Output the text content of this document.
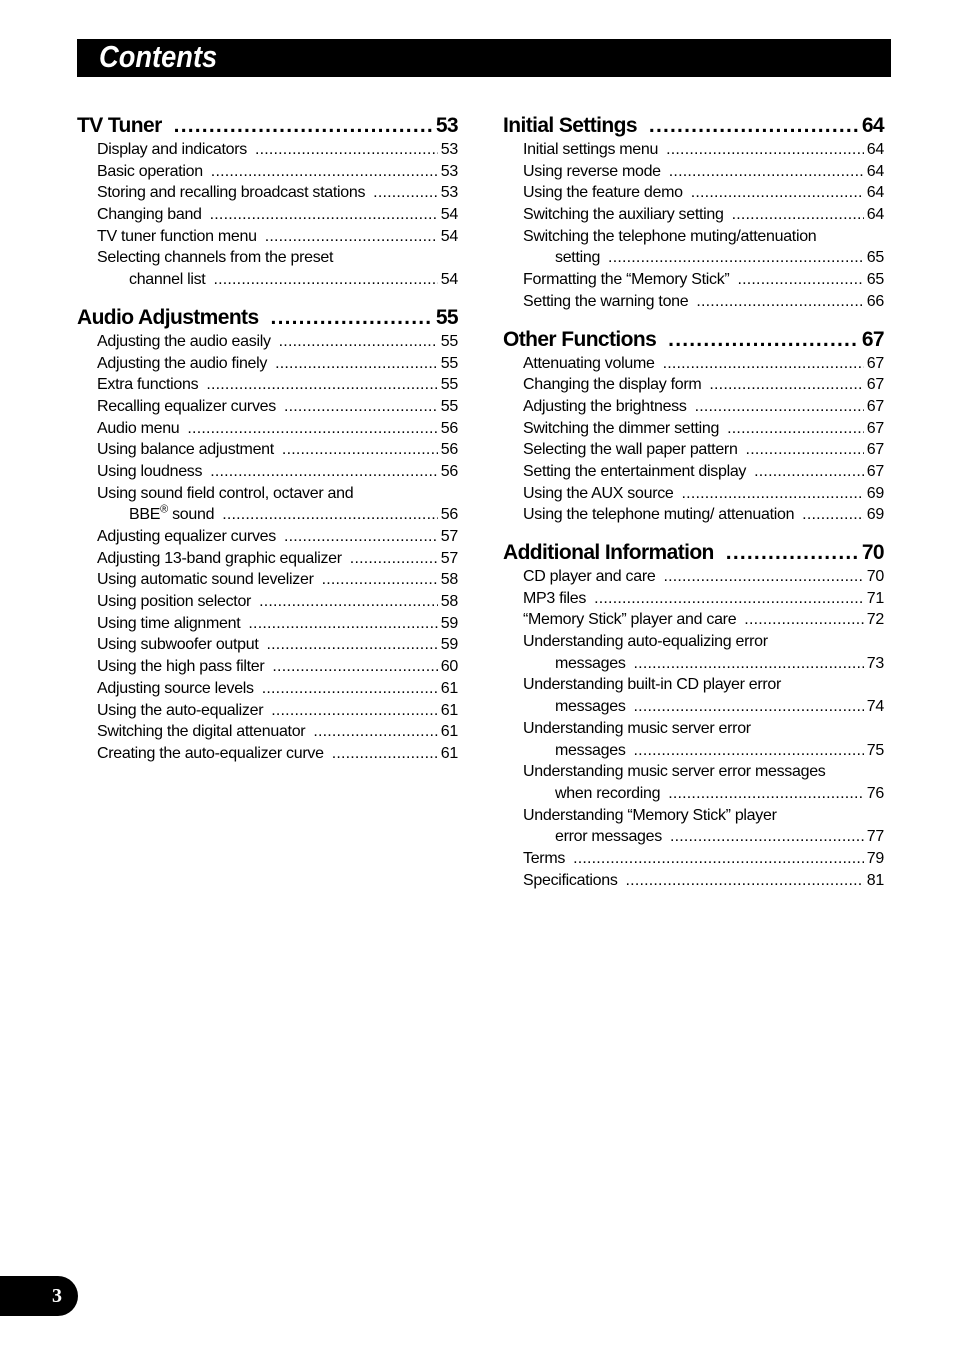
Contents
TV Tuner .....	53
Display and indicators .....	53
Basic operation .....	53
Storing and recalling broadcast stations .....	53
Changing band .....	54
TV tuner function menu .....	54
Selecting channels from the preset
channel list .....	54
Audio Adjustments .....	55
Adjusting the audio easily .....	55
Adjusting the audio finely .....	55
Extra functions .....	55
Recalling equalizer curves .....	55
Audio menu .....	56
Using balance adjustment .....	56
Using loudness .....	56
Using sound field control, octaver and
BBE® sound .....	56
Adjusting equalizer curves .....	57
Adjusting 13-band graphic equalizer .....	57
Using automatic sound levelizer .....	58
Using position selector .....	58
Using time alignment .....	59
Using subwoofer output .....	59
Using the high pass filter .....	60
Adjusting source levels .....	61
Using the auto-equalizer .....	61
Switching the digital attenuator .....	61
Creating the auto-equalizer curve .....	61
Initial Settings .....	64
Initial settings menu .....	64
Using reverse mode .....	64
Using the feature demo .....	64
Switching the auxiliary setting .....	64
Switching the telephone muting/attenuation
setting .....	65
Formatting the “Memory Stick” .....	65
Setting the warning tone .....	66
Other Functions .....	67
Attenuating volume .....	67
Changing the display form .....	67
Adjusting the brightness .....	67
Switching the dimmer setting .....	67
Selecting the wall paper pattern .....	67
Setting the entertainment display .....	67
Using the AUX source .....	69
Using the telephone muting/ attenuation .....	69
Additional Information .....	70
CD player and care .....	70
MP3 files .....	71
“Memory Stick” player and care .....	72
Understanding auto-equalizing error
messages .....	73
Understanding built-in CD player error
messages .....	74
Understanding music server error
messages .....	75
Understanding music server error messages
when recording .....	76
Understanding “Memory Stick” player
error messages .....	77
Terms .....	79
Specifications .....	81
3
